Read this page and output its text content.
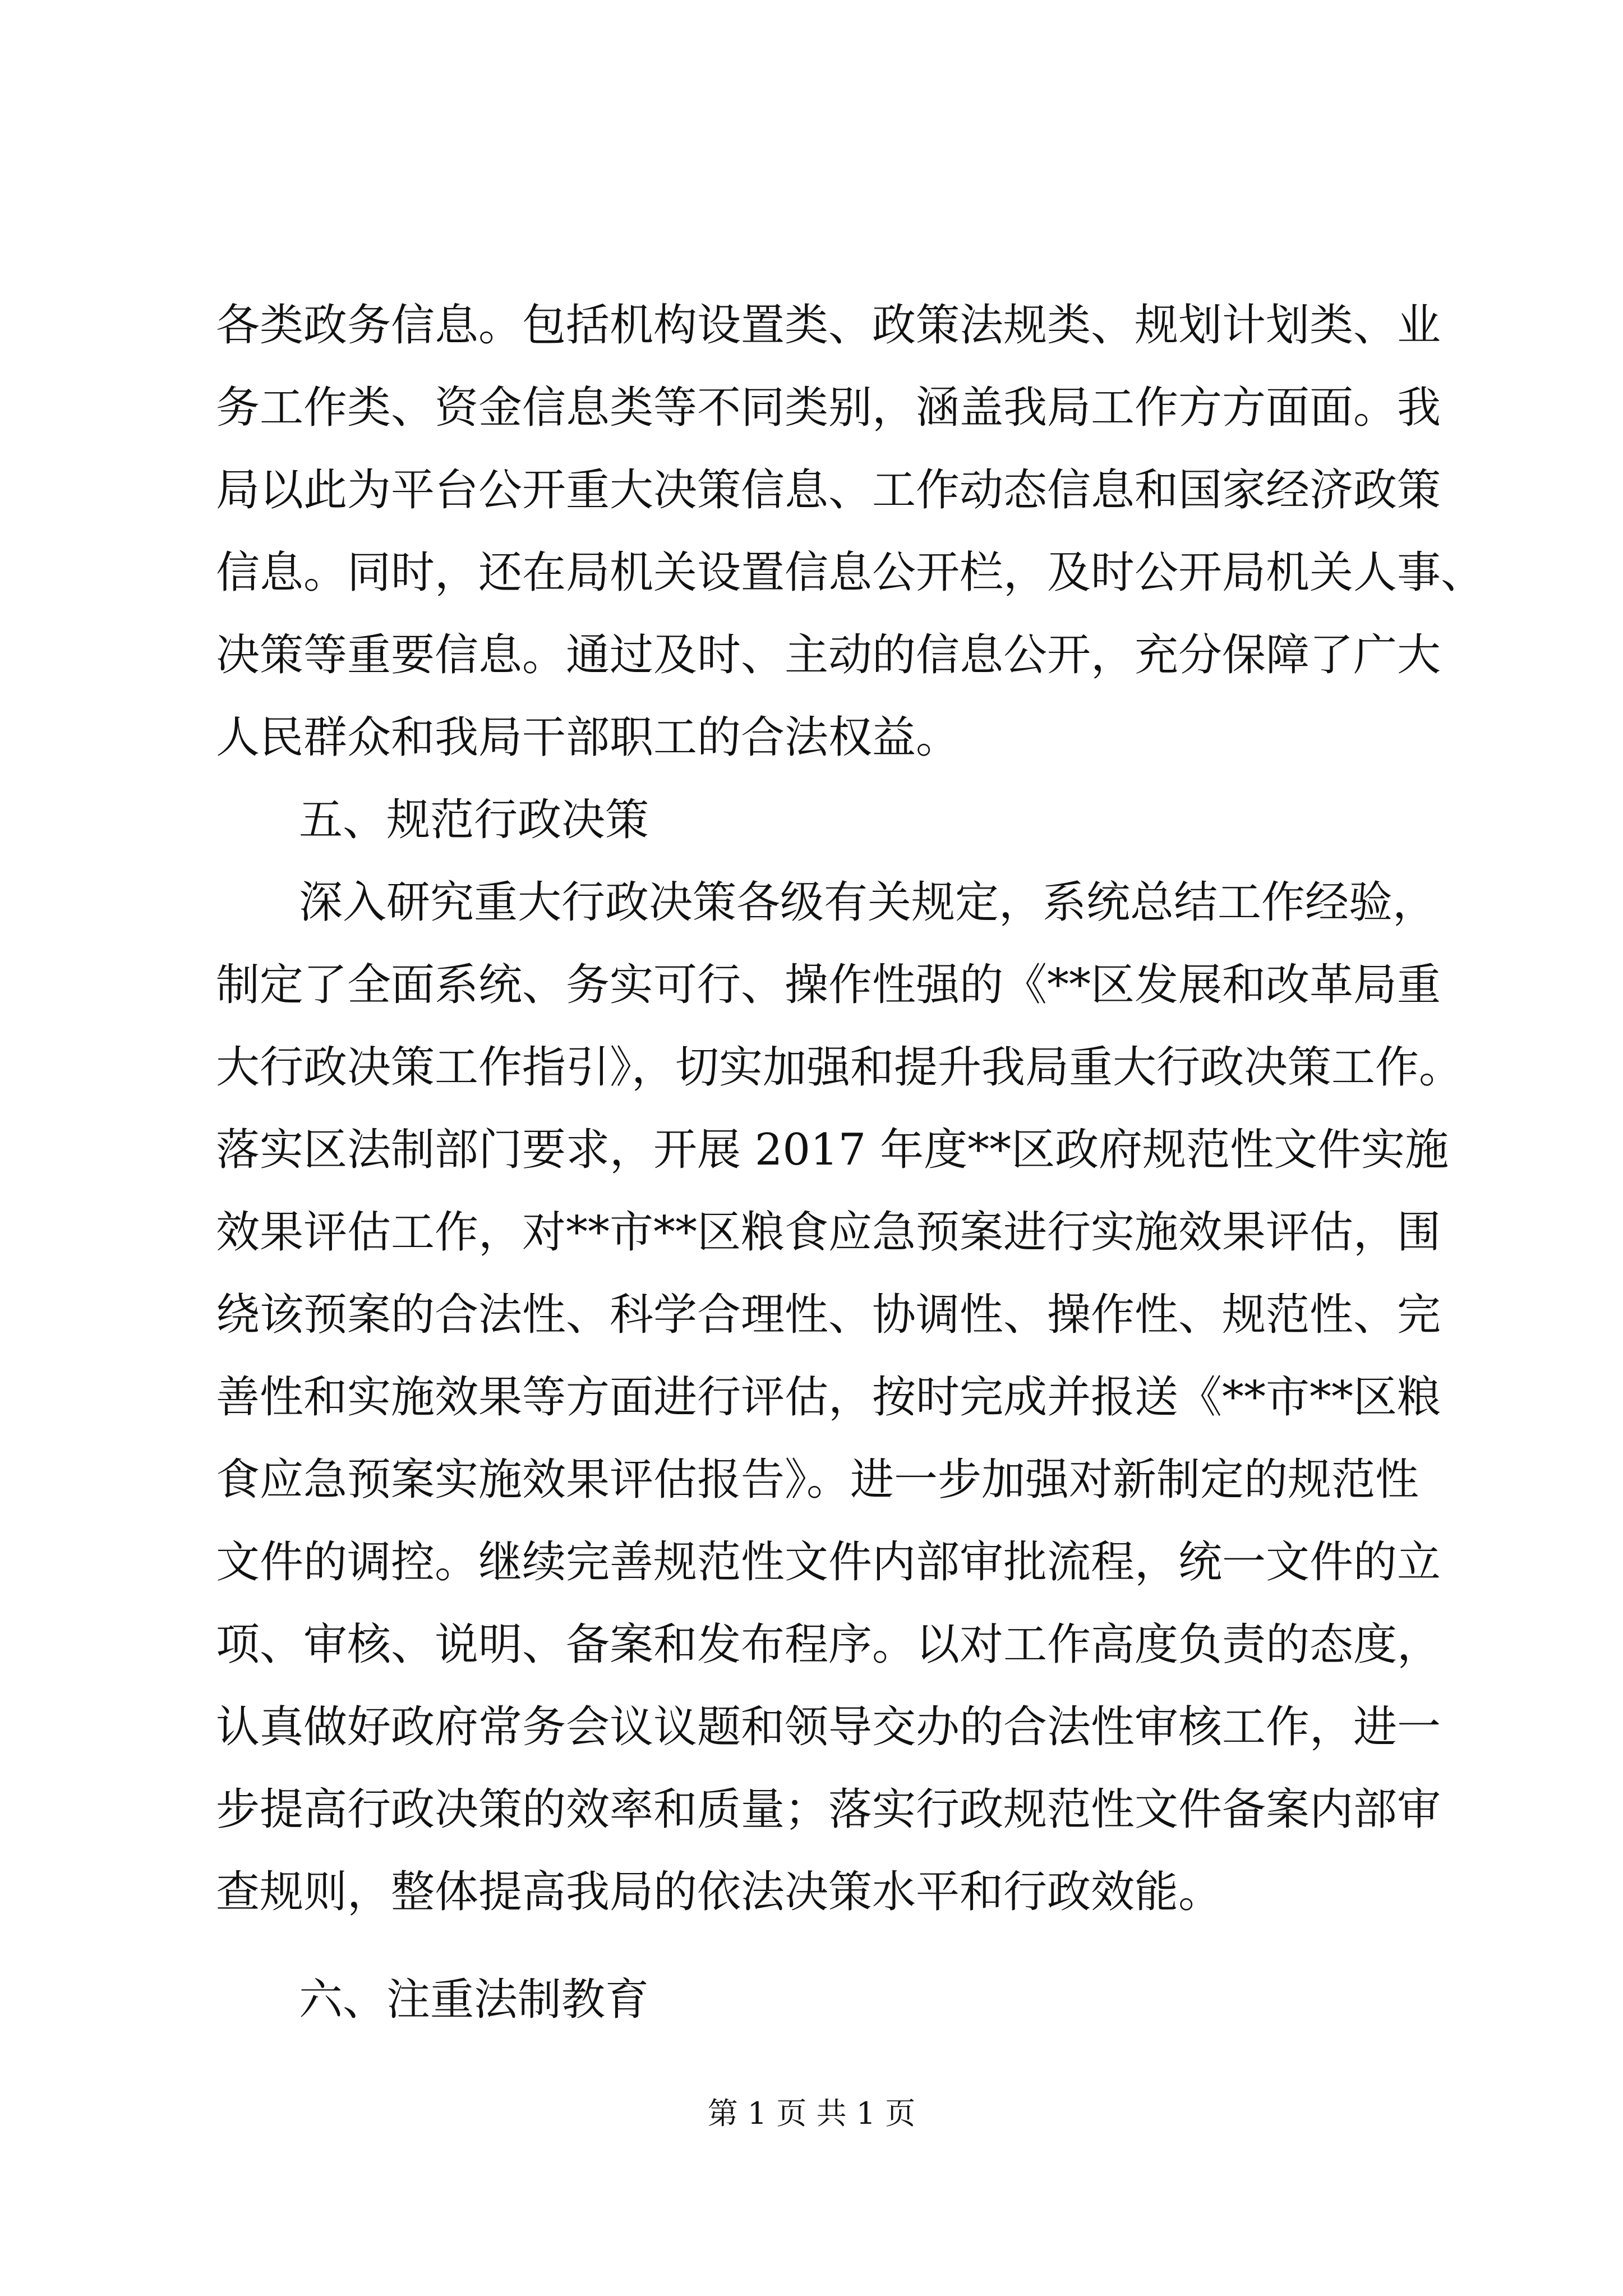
各类政务信息。包括机构设置类、政策法规类、规划计划类、业
务工作类、资金信息类等不同类别，涵盖我局工作方方面面。我
局以此为平台公开重大决策信息、工作动态信息和国家经济政策
信息。同时，还在局机关设置信息公开栏，及时公开局机关人事、
决策等重要信息。通过及时、主动的信息公开，充分保障了广大
人民群众和我局干部职工的合法权益。
五、规范行政决策
深入研究重大行政决策各级有关规定，系统总结工作经验，
制定了全面系统、务实可行、操作性强的《**区发展和改革局重
大行政决策工作指引》，切实加强和提升我局重大行政决策工作。
落实区法制部门要求，开展 2017 年度**区政府规范性文件实施
效果评估工作，对**市**区粮食应急预案进行实施效果评估，围
绕该预案的合法性、科学合理性、协调性、操作性、规范性、完
善性和实施效果等方面进行评估，按时完成并报送《**市**区粮
食应急预案实施效果评估报告》。进一步加强对新制定的规范性
文件的调控。继续完善规范性文件内部审批流程，统一文件的立
项、审核、说明、备案和发布程序。以对工作高度负责的态度，
认真做好政府常务会议议题和领导交办的合法性审核工作，进一
步提高行政决策的效率和质量；落实行政规范性文件备案内部审
查规则，整体提高我局的依法决策水平和行政效能。
六、注重法制教育
第 1 页 共 1 页
